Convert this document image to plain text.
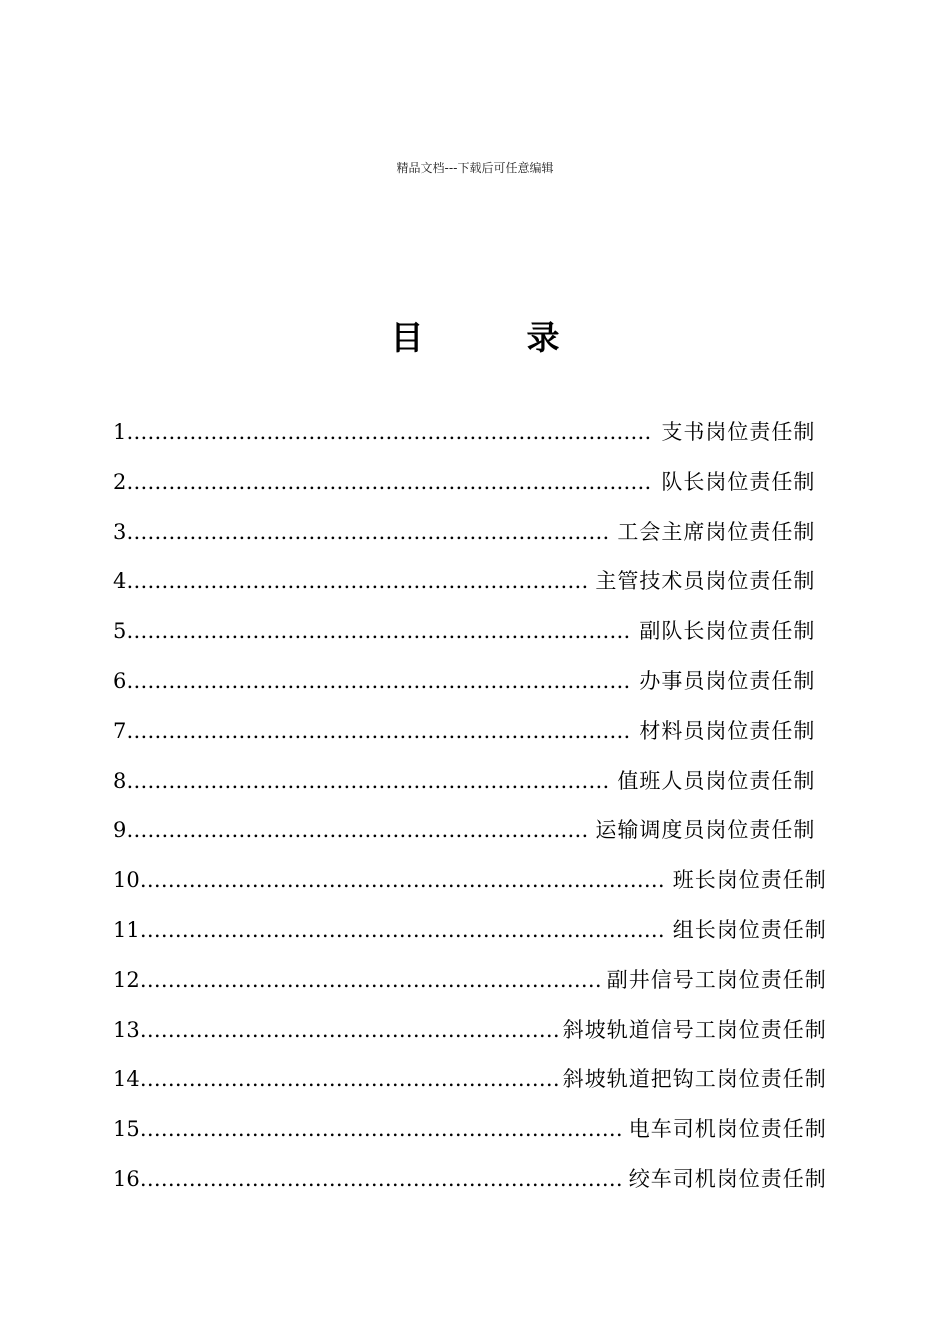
精品文档---下载后可任意编辑
目	录
1 ………………………………………………………………… 支书岗位责任制
2 ………………………………………………………………… 队长岗位责任制
3 …………………………………………………………… 工会主席岗位责任制
4 ………………………………………………………… 主管技术员岗位责任制
5 ……………………………………………………………… 副队长岗位责任制
6 ……………………………………………………………… 办事员岗位责任制
7 ……………………………………………………………… 材料员岗位责任制
8 …………………………………………………………… 值班人员岗位责任制
9 ………………………………………………………… 运输调度员岗位责任制
10 ………………………………………………………………… 班长岗位责任制
11 ………………………………………………………………… 组长岗位责任制
12 ………………………………………………………… 副井信号工岗位责任制
13 …………………………………………………… 斜坡轨道信号工岗位责任制
14 …………………………………………………… 斜坡轨道把钩工岗位责任制
15 …………………………………………………………… 电车司机岗位责任制
16 …………………………………………………………… 绞车司机岗位责任制
